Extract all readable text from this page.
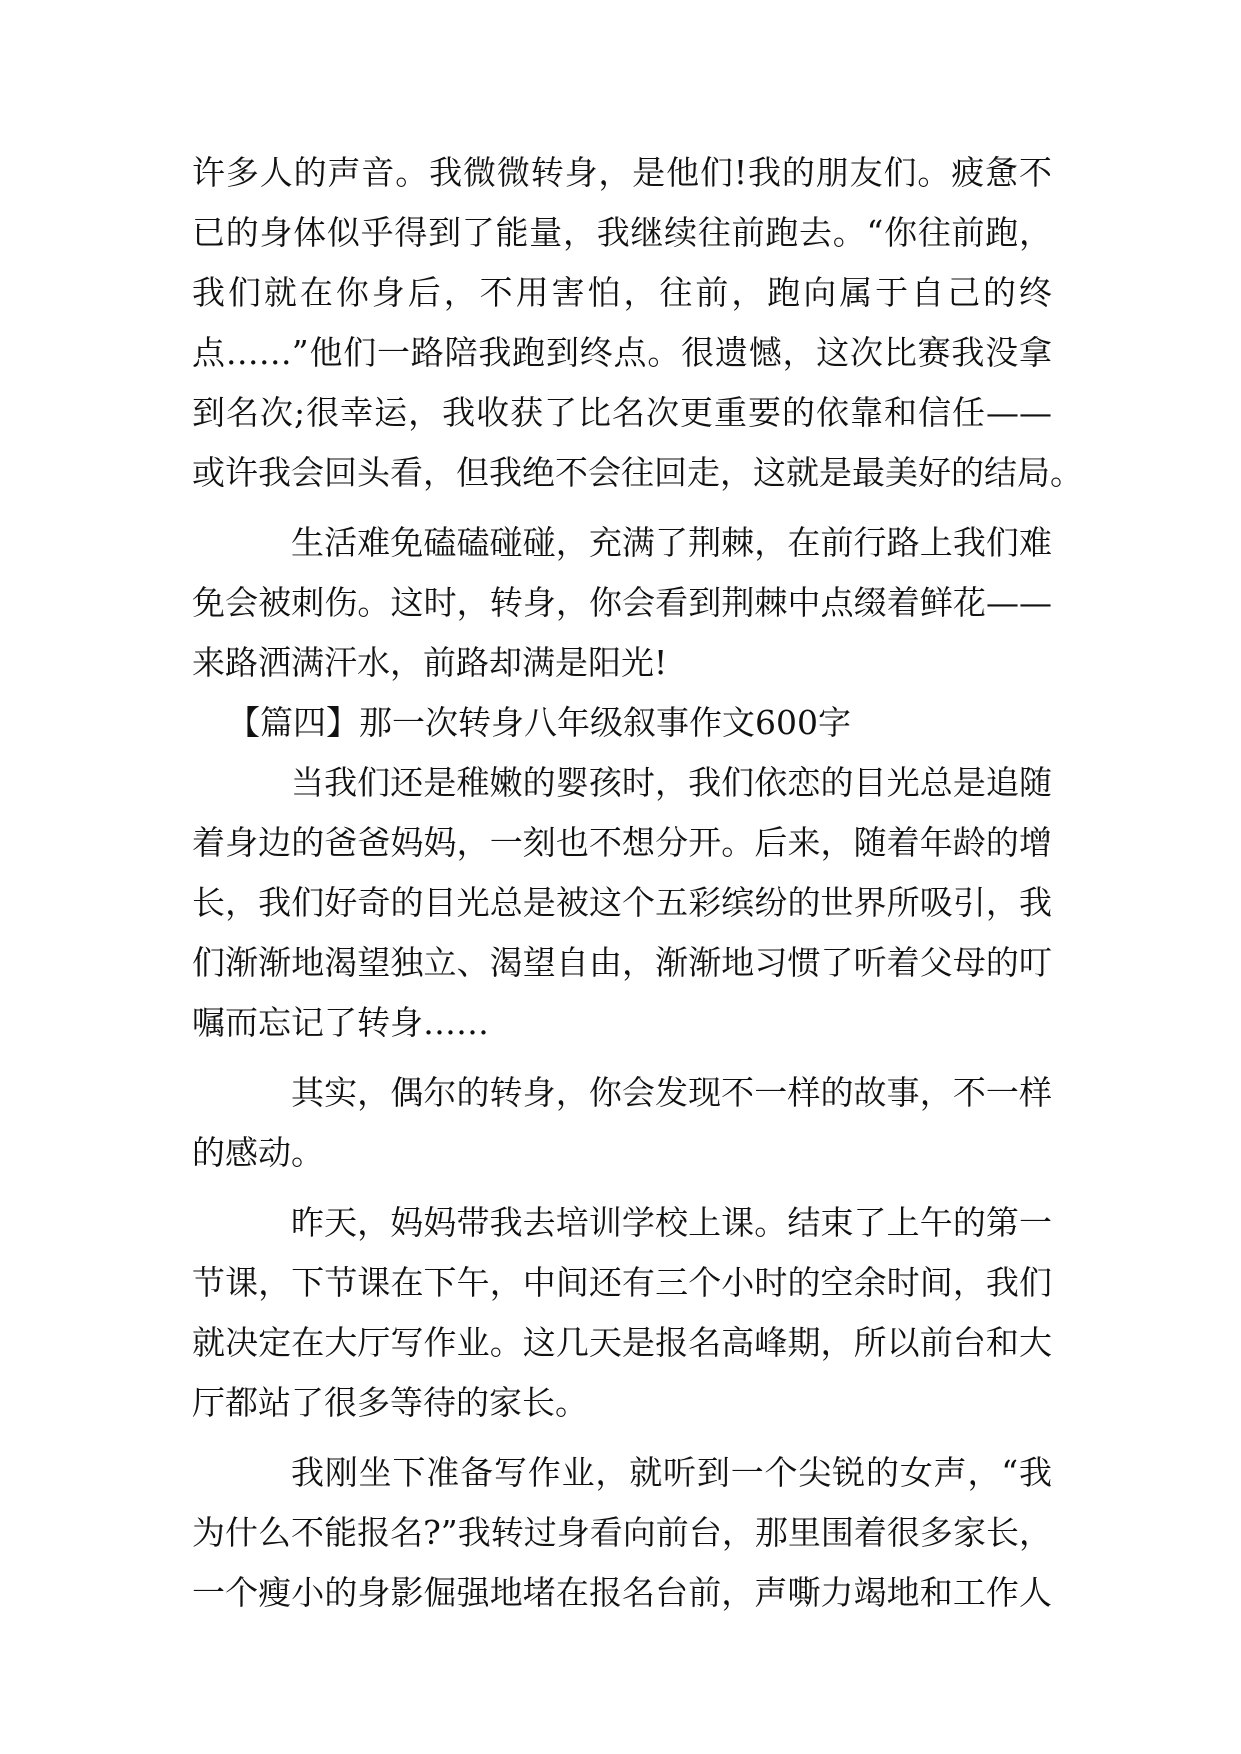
许多人的声音。我微微转身，是他们!我的朋友们。疲惫不
已的身体似乎得到了能量，我继续往前跑去。“你往前跑，
我们就在你身后，不用害怕，往前，跑向属于自己的终
点……”他们一路陪我跑到终点。很遗憾，这次比赛我没拿
到名次;很幸运，我收获了比名次更重要的依靠和信任——
或许我会回头看，但我绝不会往回走，这就是最美好的结局。
生活难免磕磕碰碰，充满了荆棘，在前行路上我们难
免会被刺伤。这时，转身，你会看到荆棘中点缀着鲜花——
来路洒满汗水，前路却满是阳光!
【篇四】那一次转身八年级叙事作文600字
当我们还是稚嫩的婴孩时，我们依恋的目光总是追随
着身边的爸爸妈妈，一刻也不想分开。后来，随着年龄的增
长，我们好奇的目光总是被这个五彩缤纷的世界所吸引，我
们渐渐地渴望独立、渴望自由，渐渐地习惯了听着父母的叮
嘱而忘记了转身……
其实，偶尔的转身，你会发现不一样的故事，不一样
的感动。
昨天，妈妈带我去培训学校上课。结束了上午的第一
节课，下节课在下午，中间还有三个小时的空余时间，我们
就决定在大厅写作业。这几天是报名高峰期，所以前台和大
厅都站了很多等待的家长。
我刚坐下准备写作业，就听到一个尖锐的女声，“我
为什么不能报名?”我转过身看向前台，那里围着很多家长，
一个瘦小的身影倔强地堵在报名台前，声嘶力竭地和工作人
